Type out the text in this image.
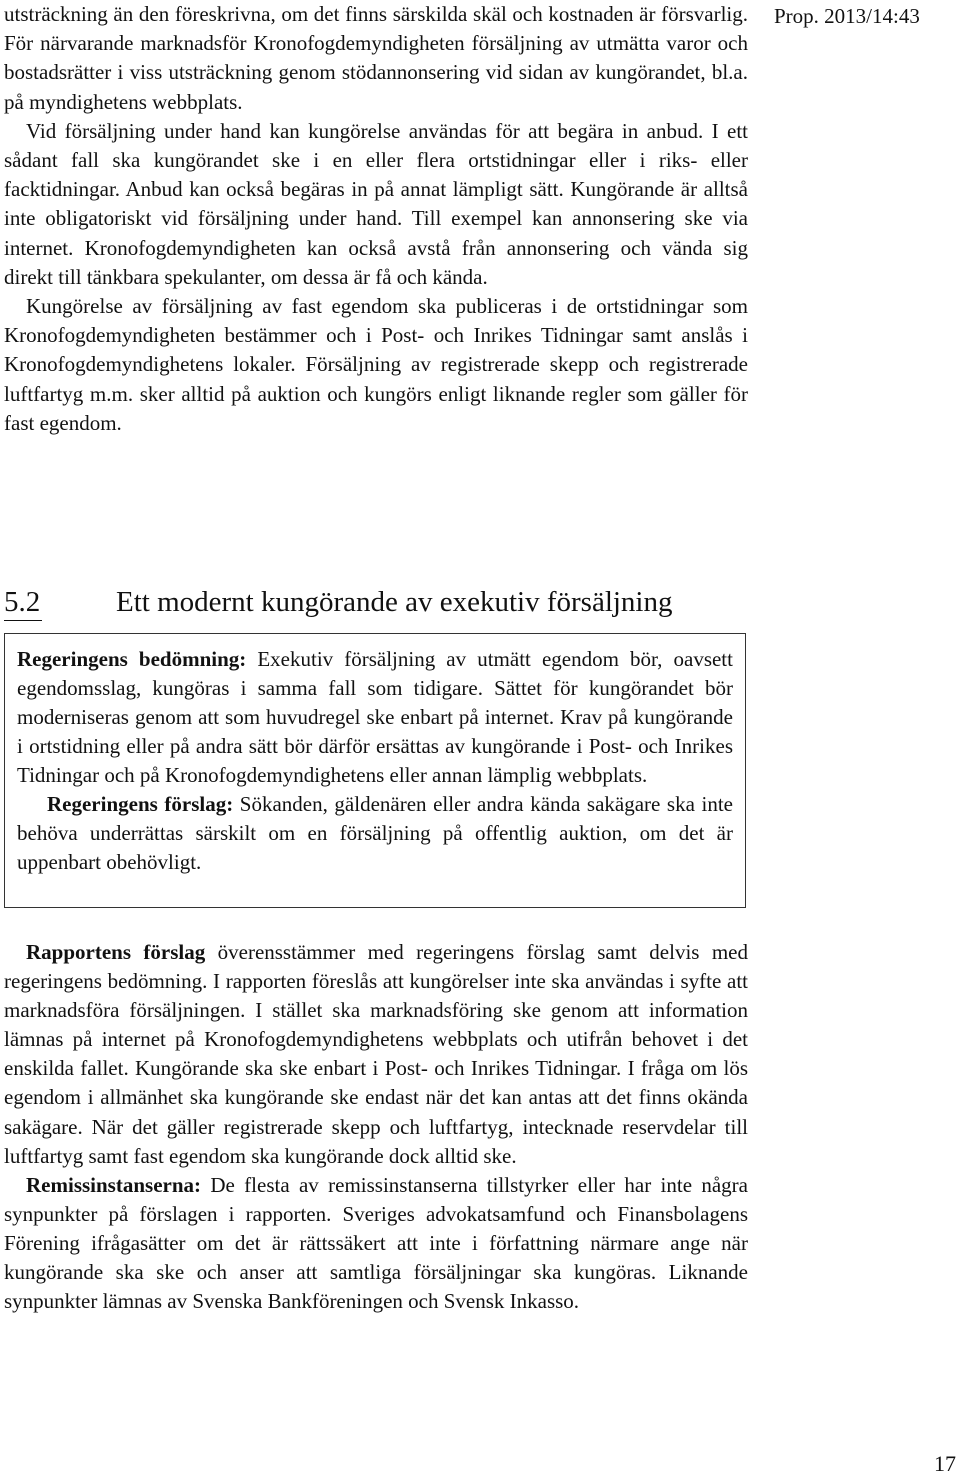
utsträckning än den föreskrivna, om det finns särskilda skäl och kostnaden är försvarlig. För närvarande marknadsför Kronofogdemyndigheten försäljning av utmätta varor och bostadsrätter i viss utsträckning genom stödannonsering vid sidan av kungörandet, bl.a. på myndighetens webbplats.

Vid försäljning under hand kan kungörelse användas för att begära in anbud. I ett sådant fall ska kungörandet ske i en eller flera ortstidningar eller i riks- eller facktidningar. Anbud kan också begäras in på annat lämpligt sätt. Kungörande är alltså inte obligatoriskt vid försäljning under hand. Till exempel kan annonsering ske via internet. Kronofogdemyndigheten kan också avstå från annonsering och vända sig direkt till tänkbara spekulanter, om dessa är få och kända.

Kungörelse av försäljning av fast egendom ska publiceras i de ortstidningar som Kronofogdemyndigheten bestämmer och i Post- och Inrikes Tidningar samt anslås i Kronofogdemyndighetens lokaler. Försäljning av registrerade skepp och registrerade luftfartyg m.m. sker alltid på auktion och kungörs enligt liknande regler som gäller för fast egendom.

Prop. 2013/14:43
5.2	Ett modernt kungörande av exekutiv försäljning

Regeringens bedömning: Exekutiv försäljning av utmätt egendom bör, oavsett egendomsslag, kungöras i samma fall som tidigare. Sättet för kungörandet bör moderniseras genom att som huvudregel ske enbart på internet. Krav på kungörande i ortstidning eller på andra sätt bör därför ersättas av kungörande i Post- och Inrikes Tidningar och på Kronofogdemyndighetens eller annan lämplig webbplats.

Regeringens förslag: Sökanden, gäldenären eller andra kända sakägare ska inte behöva underrättas särskilt om en försäljning på offentlig auktion, om det är uppenbart obehövligt.

Rapportens förslag överensstämmer med regeringens förslag samt delvis med regeringens bedömning. I rapporten föreslås att kungörelser inte ska användas i syfte att marknadsföra försäljningen. I stället ska marknadsföring ske genom att information lämnas på internet på Kronofogdemyndighetens webbplats och utifrån behovet i det enskilda fallet. Kungörande ska ske enbart i Post- och Inrikes Tidningar. I fråga om lös egendom i allmänhet ska kungörande ske endast när det kan antas att det finns okända sakägare. När det gäller registrerade skepp och luftfartyg, intecknade reservdelar till luftfartyg samt fast egendom ska kungörande dock alltid ske.

Remissinstanserna: De flesta av remissinstanserna tillstyrker eller har inte några synpunkter på förslagen i rapporten. Sveriges advokatsamfund och Finansbolagens Förening ifrågasätter om det är rättssäkert att inte i författning närmare ange när kungörande ska ske och anser att samtliga försäljningar ska kungöras. Liknande synpunkter lämnas av Svenska Bankföreningen och Svensk Inkasso.

17
